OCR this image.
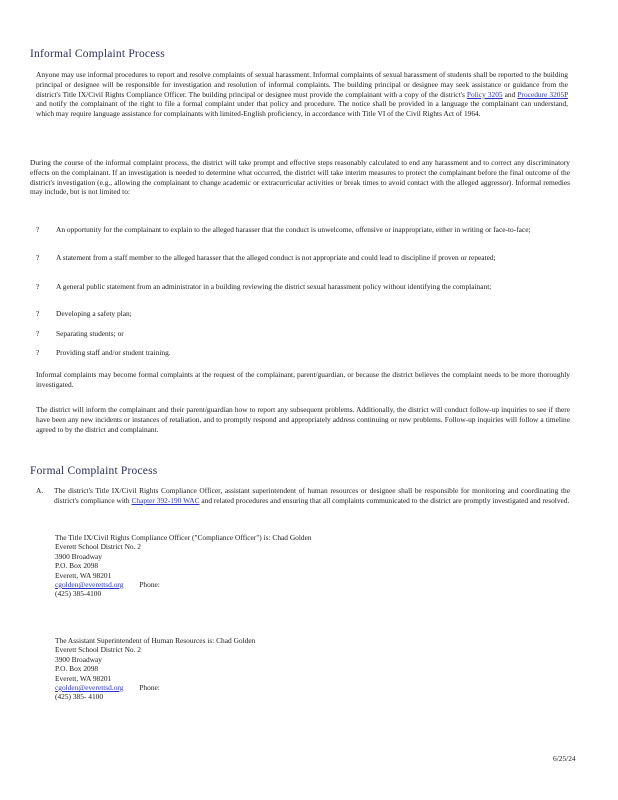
Informal Complaint Process

Anyone may use informal procedures to report and resolve complaints of sexual harassment. Informal complaints of sexual harassment of students shall be reported to the building principal or designee will be responsible for investigation and resolution of informal complaints. The building principal or designee may seek assistance or guidance from the district's Title IX/Civil Rights Compliance Officer. The building principal or designee must provide the complainant with a copy of the district's Policy 3205 and Procedure 3205P and notify the complainant of the right to file a formal complaint under that policy and procedure. The notice shall be provided in a language the complainant can understand, which may require language assistance for complainants with limited-English proficiency, in accordance with Title VI of the Civil Rights Act of 1964.

During the course of the informal complaint process, the district will take prompt and effective steps reasonably calculated to end any harassment and to correct any discriminatory effects on the complainant. If an investigation is needed to determine what occurred, the district will take interim measures to protect the complainant before the final outcome of the district's investigation (e.g., allowing the complainant to change academic or extracurricular activities or break times to avoid contact with the alleged aggressor). Informal remedies may include, but is not limited to:

?	An opportunity for the complainant to explain to the alleged harasser that the conduct is unwelcome, offensive or inappropriate, either in writing or face-to-face;
?	A statement from a staff member to the alleged harasser that the alleged conduct is not appropriate and could lead to discipline if proven or repeated;
?	A general public statement from an administrator in a building reviewing the district sexual harassment policy without identifying the complainant;
?	Developing a safety plan;
?	Separating students; or
?	Providing staff and/or student training.

Informal complaints may become formal complaints at the request of the complainant, parent/guardian, or because the district believes the complaint needs to be more thoroughly investigated.

The district will inform the complainant and their parent/guardian how to report any subsequent problems. Additionally, the district will conduct follow-up inquiries to see if there have been any new incidents or instances of retaliation, and to promptly respond and appropriately address continuing or new problems. Follow-up inquiries will follow a timeline agreed to by the district and complainant.

Formal Complaint Process
A. The district's Title IX/Civil Rights Compliance Officer, assistant superintendent of human resources or designee shall be responsible for monitoring and coordinating the district's compliance with Chapter 392-190 WAC and related procedures and ensuring that all complaints communicated to the district are promptly investigated and resolved.

The Title IX/Civil Rights Compliance Officer ("Compliance Officer") is: Chad Golden
Everett School District No. 2
3900 Broadway
P.O. Box 2098
Everett, WA 98201
cgolden@everettsd.org Phone:
(425) 385-4100
The Assistant Superintendent of Human Resources is: Chad Golden
Everett School District No. 2
3900 Broadway
P.O. Box 2098
Everett, WA 98201
cgolden@everettsd.org Phone:
(425) 385- 4100
6/25/24
